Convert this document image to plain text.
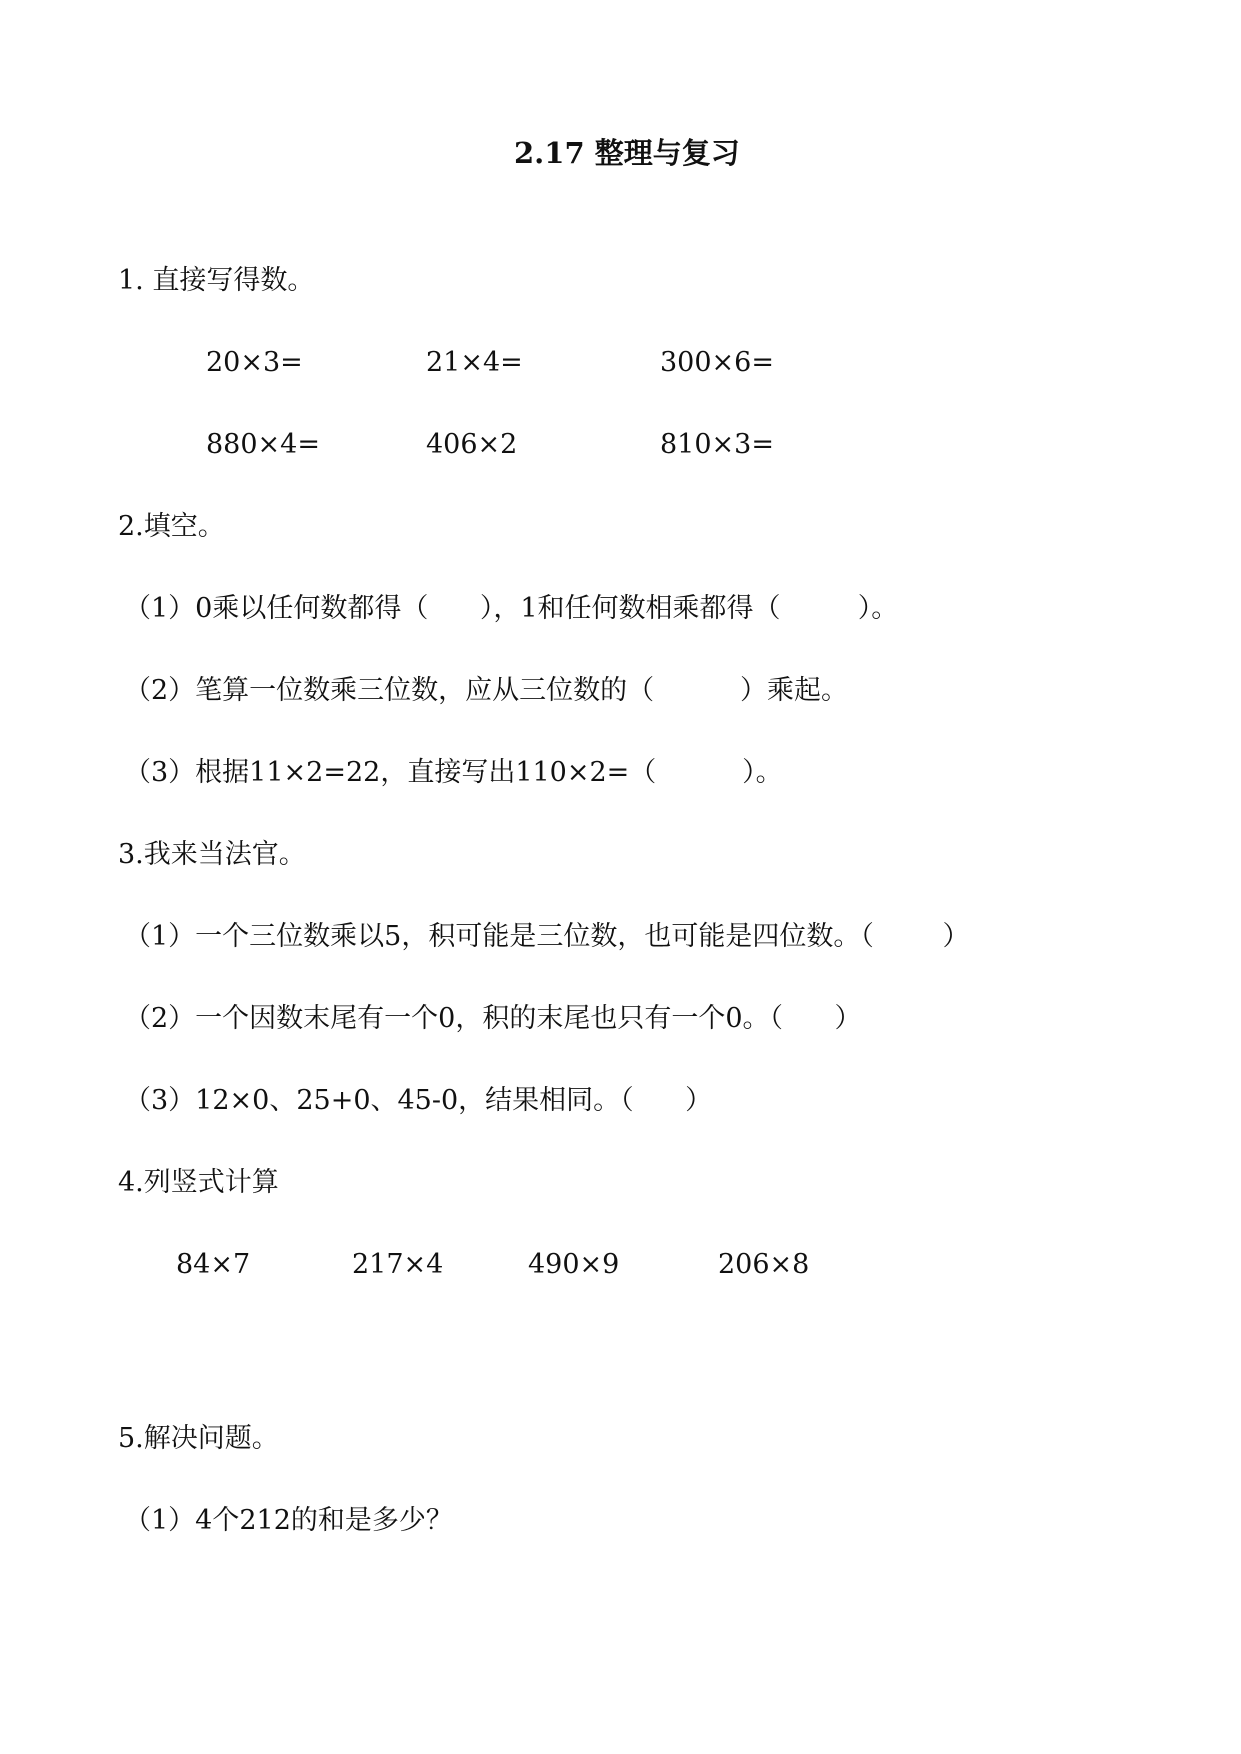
2.17 整理与复习
1. 直接写得数。
20×3=	21×4=	300×6=
880×4=	406×2	810×3=
2.填空。
（1）0乘以任何数都得（      ），1和任何数相乘都得（         ）。
（2）笔算一位数乘三位数，应从三位数的（          ）乘起。
（3）根据11×2=22，直接写出110×2=（          ）。
3.我来当法官。
（1）一个三位数乘以5，积可能是三位数，也可能是四位数。（        ）
（2）一个因数末尾有一个0，积的末尾也只有一个0。（      ）
（3）12×0、25+0、45-0，结果相同。（      ）
4.列竖式计算
84×7	217×4	490×9	206×8
5.解决问题。
（1）4个212的和是多少？
